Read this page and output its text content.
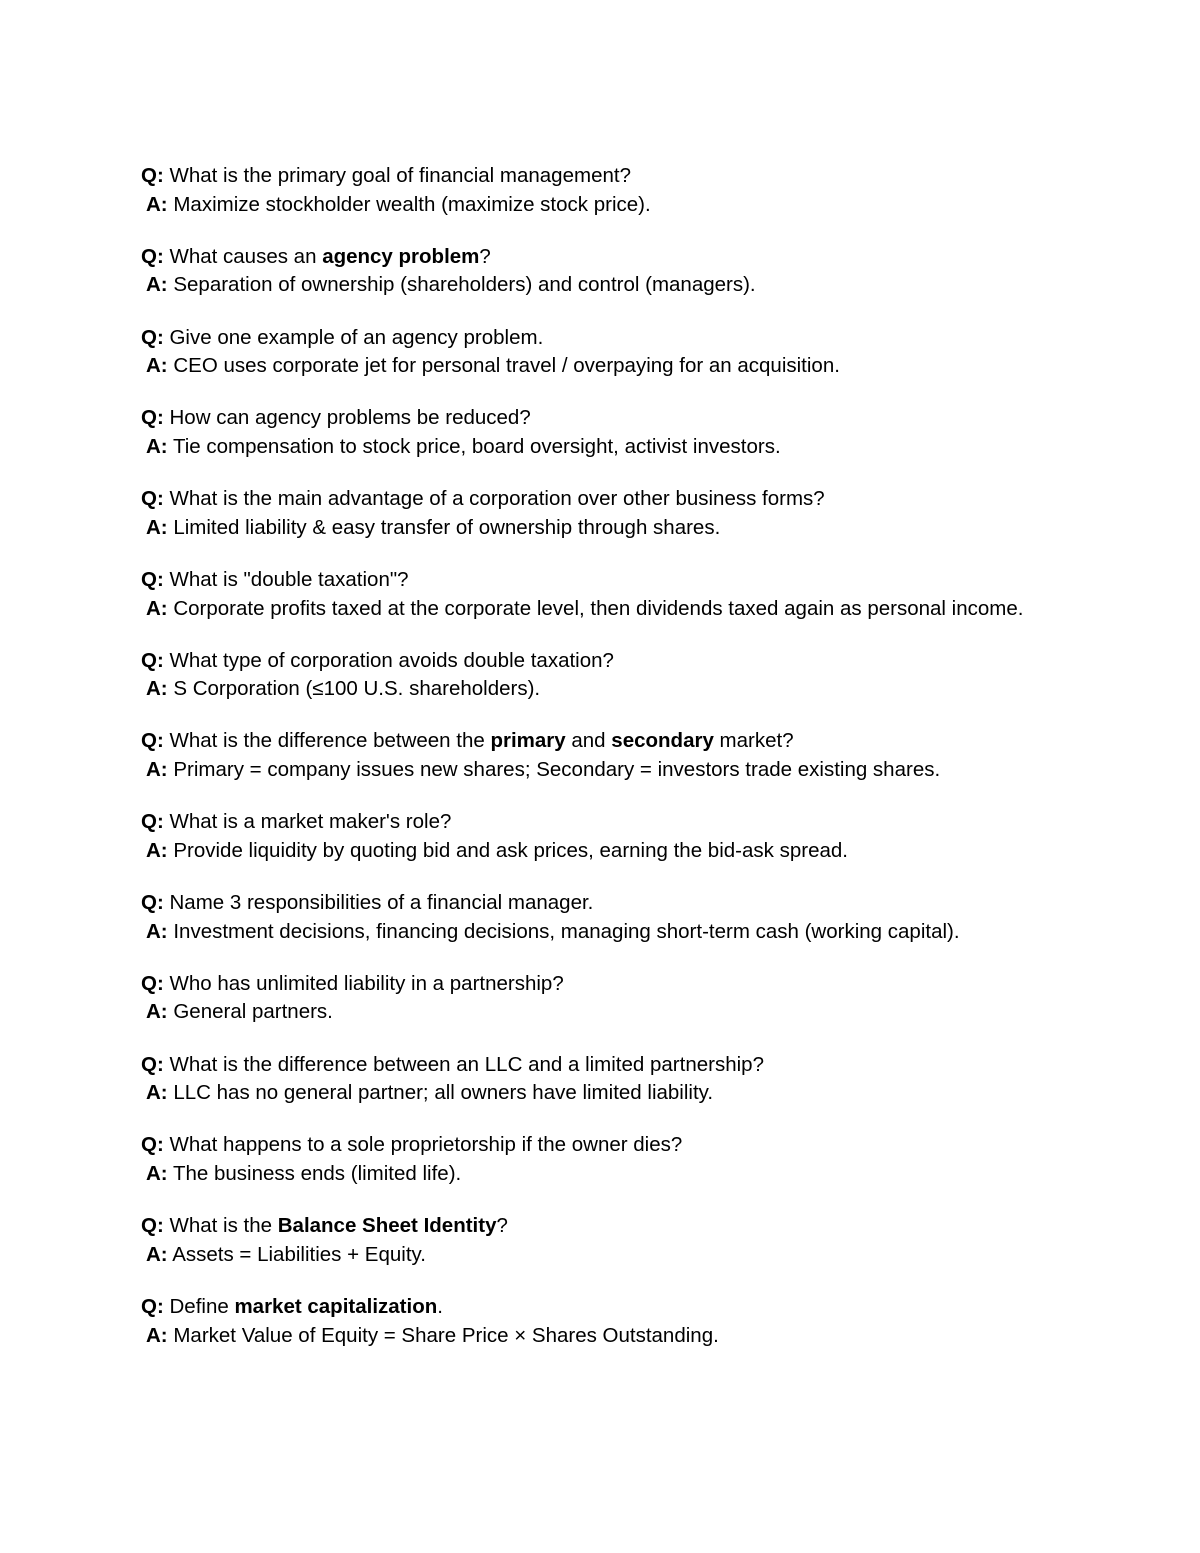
Q: What is the primary goal of financial management?
A: Maximize stockholder wealth (maximize stock price).
Q: What causes an agency problem?
A: Separation of ownership (shareholders) and control (managers).
Q: Give one example of an agency problem.
A: CEO uses corporate jet for personal travel / overpaying for an acquisition.
Q: How can agency problems be reduced?
A: Tie compensation to stock price, board oversight, activist investors.
Q: What is the main advantage of a corporation over other business forms?
A: Limited liability & easy transfer of ownership through shares.
Q: What is "double taxation"?
A: Corporate profits taxed at the corporate level, then dividends taxed again as personal income.
Q: What type of corporation avoids double taxation?
A: S Corporation (≤100 U.S. shareholders).
Q: What is the difference between the primary and secondary market?
A: Primary = company issues new shares; Secondary = investors trade existing shares.
Q: What is a market maker's role?
A: Provide liquidity by quoting bid and ask prices, earning the bid-ask spread.
Q: Name 3 responsibilities of a financial manager.
A: Investment decisions, financing decisions, managing short-term cash (working capital).
Q: Who has unlimited liability in a partnership?
A: General partners.
Q: What is the difference between an LLC and a limited partnership?
A: LLC has no general partner; all owners have limited liability.
Q: What happens to a sole proprietorship if the owner dies?
A: The business ends (limited life).
Q: What is the Balance Sheet Identity?
A: Assets = Liabilities + Equity.
Q: Define market capitalization.
A: Market Value of Equity = Share Price × Shares Outstanding.
